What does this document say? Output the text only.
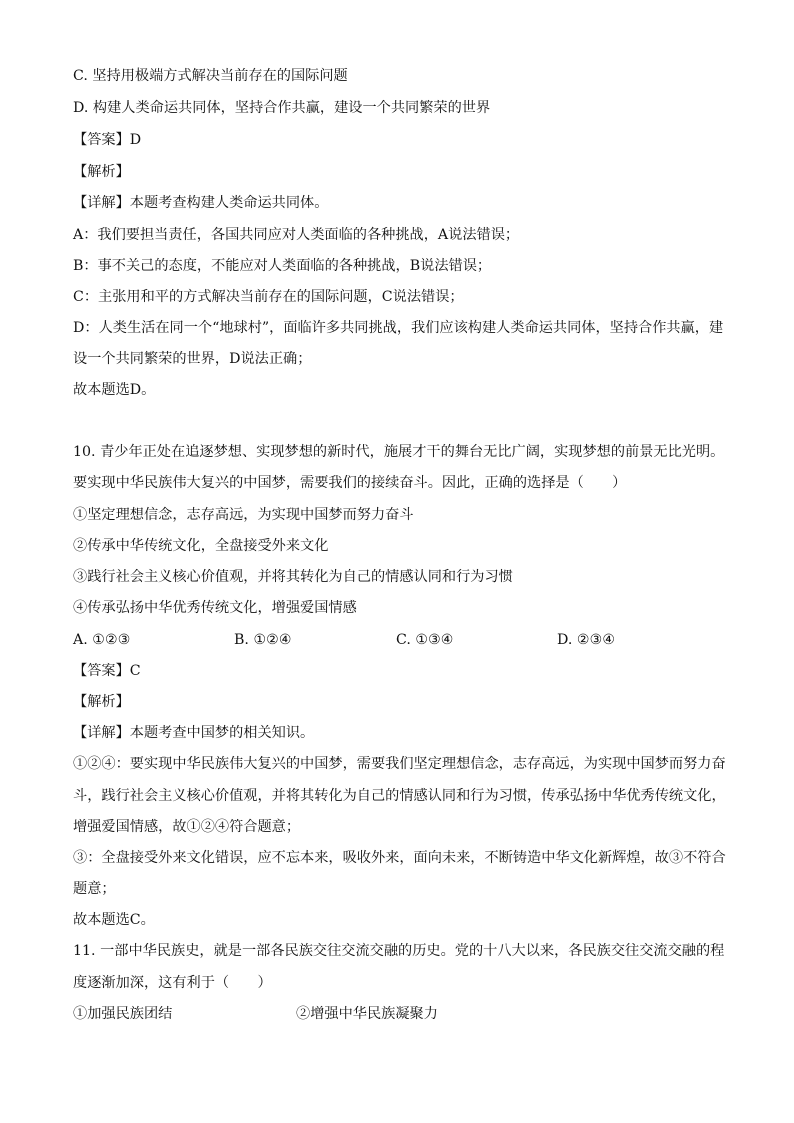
C. 坚持用极端方式解决当前存在的国际问题
D. 构建人类命运共同体，坚持合作共赢，建设一个共同繁荣的世界
【答案】D
【解析】
【详解】本题考查构建人类命运共同体。
A：我们要担当责任，各国共同应对人类面临的各种挑战，A说法错误；
B：事不关己的态度，不能应对人类面临的各种挑战，B说法错误；
C：主张用和平的方式解决当前存在的国际问题，C说法错误；
D：人类生活在同一个“地球村”，面临许多共同挑战，我们应该构建人类命运共同体，坚持合作共赢，建
设一个共同繁荣的世界，D说法正确；
故本题选D。
10. 青少年正处在追逐梦想、实现梦想的新时代，施展才干的舞台无比广阔，实现梦想的前景无比光明。
要实现中华民族伟大复兴的中国梦，需要我们的接续奋斗。因此，正确的选择是（　　）
①坚定理想信念，志存高远，为实现中国梦而努力奋斗
②传承中华传统文化，全盘接受外来文化
③践行社会主义核心价值观，并将其转化为自己的情感认同和行为习惯
④传承弘扬中华优秀传统文化，增强爱国情感
A. ①②③	B. ①②④	C. ①③④	D. ②③④
【答案】C
【解析】
【详解】本题考查中国梦的相关知识。
①②④：要实现中华民族伟大复兴的中国梦，需要我们坚定理想信念，志存高远，为实现中国梦而努力奋
斗，践行社会主义核心价值观，并将其转化为自己的情感认同和行为习惯，传承弘扬中华优秀传统文化，
增强爱国情感，故①②④符合题意；
③：全盘接受外来文化错误，应不忘本来，吸收外来，面向未来，不断铸造中华文化新辉煌，故③不符合
题意；
故本题选C。
11. 一部中华民族史，就是一部各民族交往交流交融的历史。党的十八大以来，各民族交往交流交融的程
度逐渐加深，这有利于（　　）
①加强民族团结	②增强中华民族凝聚力
